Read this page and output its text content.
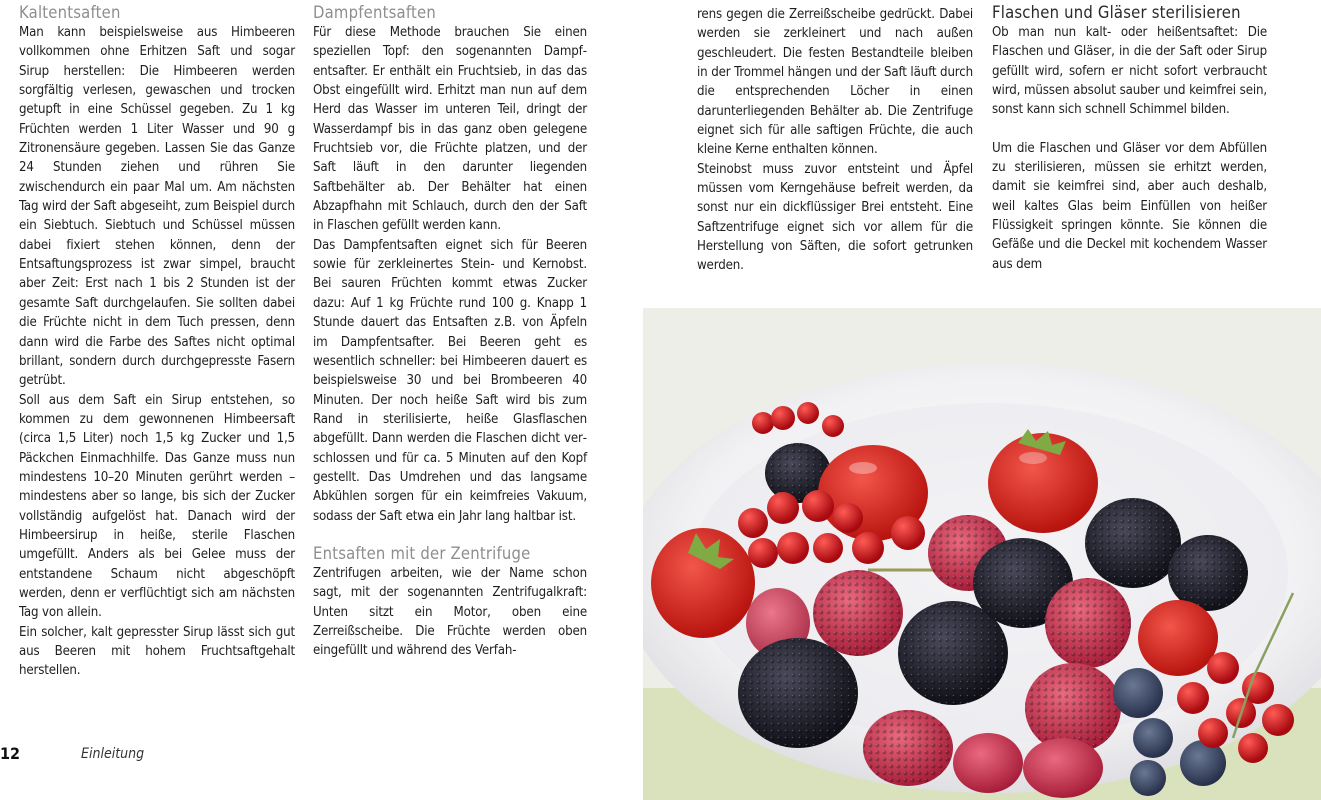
Kaltentsaften

Man kann beispielsweise aus Himbeeren vollkommen ohne Erhitzen Saft und sogar Sirup herstellen: Die Himbeeren werden sorgfältig verlesen, gewaschen und trocken getupft in eine Schüssel gegeben. Zu 1 kg Früchten werden 1 Liter Wasser und 90 g Zitronensäure gegeben. Lassen Sie das Ganze 24 Stunden ziehen und rühren Sie zwischendurch ein paar Mal um. Am nächsten Tag wird der Saft abgeseiht, zum Beispiel durch ein Siebtuch. Siebtuch und Schüssel müssen dabei fixiert stehen können, denn der Entsaftungsprozess ist zwar simpel, braucht aber Zeit: Erst nach 1 bis 2 Stunden ist der gesamte Saft durchgelaufen. Sie sollten dabei die Früchte nicht in dem Tuch pressen, denn dann wird die Farbe des Saftes nicht optimal brillant, sondern durch durchgepresste Fasern getrübt.

Soll aus dem Saft ein Sirup entstehen, so kommen zu dem gewonnenen Himbeersaft (circa 1,5 Liter) noch 1,5 kg Zucker und 1,5 Päckchen Einmachhilfe. Das Ganze muss nun mindestens 10–20 Minuten gerührt werden – mindestens aber so lange, bis sich der Zucker vollständig aufgelöst hat. Danach wird der Himbeersirup in heiße, sterile Flaschen umgefüllt. Anders als bei Gelee muss der entstandene Schaum nicht abgeschöpft werden, denn er verflüchtigt sich am nächsten Tag von allein.

Ein solcher, kalt gepresster Sirup lässt sich gut aus Beeren mit hohem Fruchtsaftgehalt herstellen.

Dampfentsaften

Für diese Methode brauchen Sie einen speziellen Topf: den sogenannten Dampfentsafter. Er enthält ein Fruchtsieb, in das das Obst eingefüllt wird. Erhitzt man nun auf dem Herd das Wasser im unteren Teil, dringt der Wasserdampf bis in das ganz oben gelegene Fruchtsieb vor, die Früchte platzen, und der Saft läuft in den darunter liegenden Saftbehälter ab. Der Behälter hat einen Abzapfhahn mit Schlauch, durch den der Saft in Flaschen gefüllt werden kann.

Das Dampfentsaften eignet sich für Beeren sowie für zerkleinertes Stein- und Kernobst. Bei sauren Früchten kommt etwas Zucker dazu: Auf 1 kg Früchte rund 100 g. Knapp 1 Stunde dauert das Entsaften z.B. von Äpfeln im Dampfentsafter. Bei Beeren geht es wesentlich schneller: bei Himbeeren dauert es beispielsweise 30 und bei Brombeeren 40 Minuten. Der noch heiße Saft wird bis zum Rand in sterilisierte, heiße Glasflaschen abgefüllt. Dann werden die Flaschen dicht verschlossen und für ca. 5 Minuten auf den Kopf gestellt. Das Umdrehen und das langsame Abkühlen sorgen für ein keimfreies Vakuum, sodass der Saft etwa ein Jahr lang haltbar ist.

Entsaften mit der Zentrifuge

Zentrifugen arbeiten, wie der Name schon sagt, mit der sogenannten Zentrifugalkraft: Unten sitzt ein Motor, oben eine Zerreißscheibe. Die Früchte werden oben eingefüllt und während des Verfah-

rens gegen die Zerreißscheibe gedrückt. Dabei werden sie zerkleinert und nach außen geschleudert. Die festen Bestandteile bleiben in der Trommel hängen und der Saft läuft durch die entsprechenden Löcher in einen darunterliegenden Behälter ab. Die Zentrifuge eignet sich für alle saftigen Früchte, die auch kleine Kerne enthalten können.

Steinobst muss zuvor entsteint und Äpfel müssen vom Kerngehäuse befreit werden, da sonst nur ein dickflüssiger Brei entsteht. Eine Saftzentrifuge eignet sich vor allem für die Herstellung von Säften, die sofort getrunken werden.

Flaschen und Gläser sterilisieren

Ob man nun kalt- oder heißentsaftet: Die Flaschen und Gläser, in die der Saft oder Sirup gefüllt wird, sofern er nicht sofort verbraucht wird, müssen absolut sauber und keimfrei sein, sonst kann sich schnell Schimmel bilden.

Um die Flaschen und Gläser vor dem Abfüllen zu sterilisieren, müssen sie erhitzt werden, damit sie keimfrei sind, aber auch deshalb, weil kaltes Glas beim Einfüllen von heißer Flüssigkeit springen könnte. Sie können die Gefäße und die Deckel mit kochendem Wasser aus dem

12	Einleitung
